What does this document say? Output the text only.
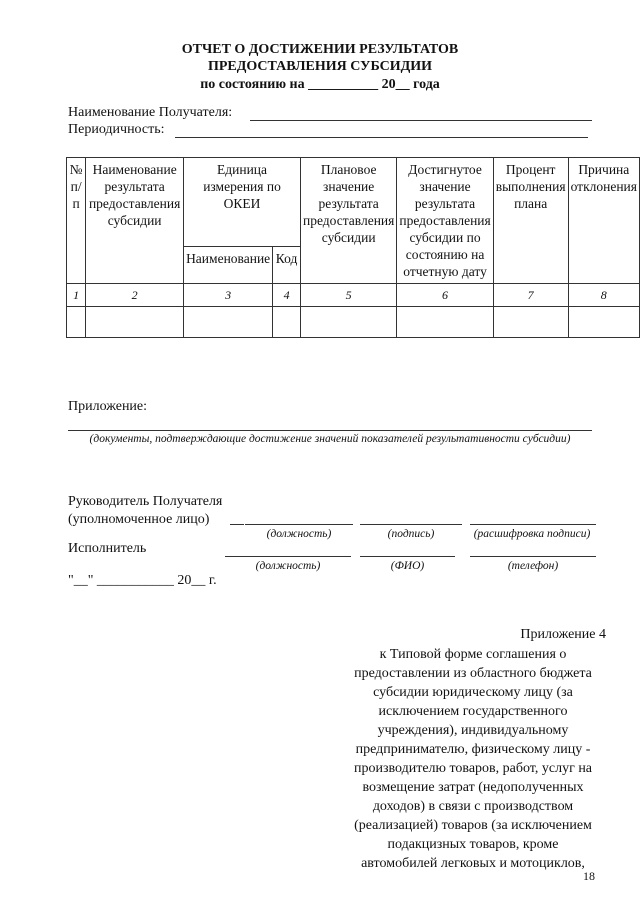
ОТЧЕТ О ДОСТИЖЕНИИ РЕЗУЛЬТАТОВ
ПРЕДОСТАВЛЕНИЯ СУБСИДИИ
по состоянию на __________ 20__ года
Наименование Получателя:
Периодичность:
№ п/п	Наименование результата предоставления субсидии	Единица измерения по ОКЕИ		Плановое значение результата предоставления субсидии	Достигнутое значение результата предоставления субсидии по состоянию на отчетную дату	Процент выполнения плана	Причина отклонения
		Наименование	Код				
1	2	3	4	5	6	7	8

Приложение:
(документы, подтверждающие достижение значений показателей результативности субсидии)
Руководитель Получателя
(уполномоченное лицо)
(должность)	(подпись)	(расшифровка подписи)
Исполнитель
(должность)	(ФИО)	(телефон)
"__" ___________ 20__ г.
Приложение 4
к Типовой форме соглашения о
предоставлении из областного бюджета
субсидии юридическому лицу (за
исключением государственного
учреждения), индивидуальному
предпринимателю, физическому лицу -
производителю товаров, работ, услуг на
возмещение затрат (недополученных
доходов) в связи с производством
(реализацией) товаров (за исключением
подакцизных товаров, кроме
автомобилей легковых и мотоциклов,
18
